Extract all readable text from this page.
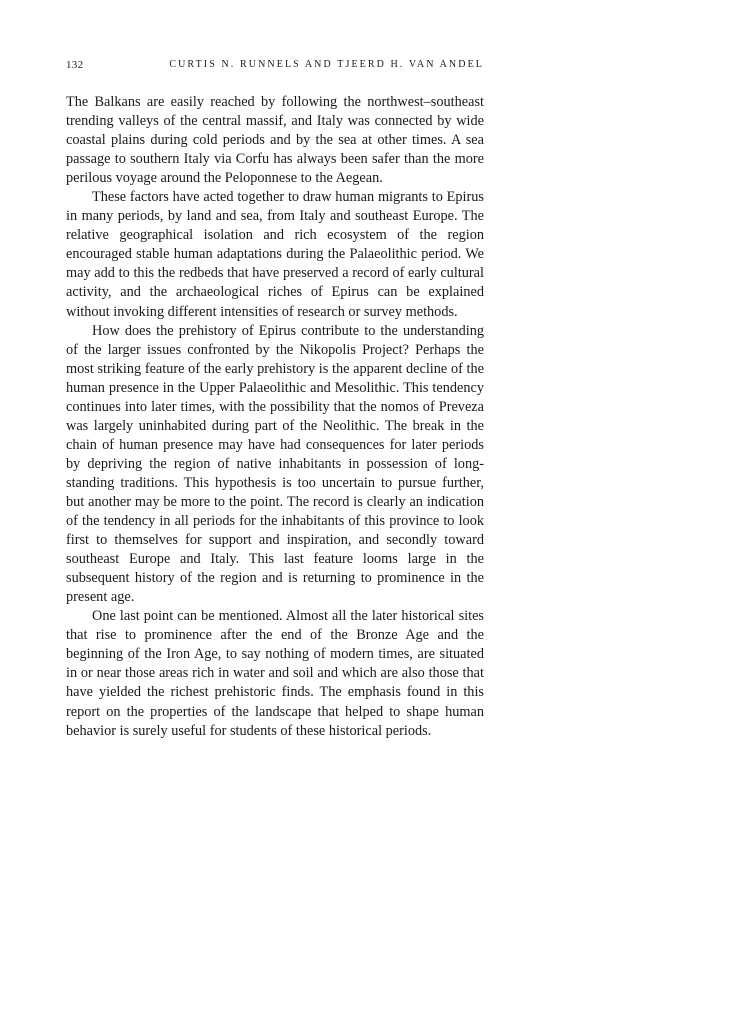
132	CURTIS N. RUNNELS AND TJEERD H. VAN ANDEL

The Balkans are easily reached by following the northwest–southeast trending valleys of the central massif, and Italy was connected by wide coastal plains during cold periods and by the sea at other times. A sea passage to southern Italy via Corfu has always been safer than the more perilous voyage around the Peloponnese to the Aegean.

These factors have acted together to draw human migrants to Epirus in many periods, by land and sea, from Italy and southeast Europe. The relative geographical isolation and rich ecosystem of the region encouraged stable human adaptations during the Palaeolithic period. We may add to this the redbeds that have preserved a record of early cultural activity, and the archaeological riches of Epirus can be explained without invoking different intensities of research or survey methods.

How does the prehistory of Epirus contribute to the understanding of the larger issues confronted by the Nikopolis Project? Perhaps the most striking feature of the early prehistory is the apparent decline of the human presence in the Upper Palaeolithic and Mesolithic. This tendency continues into later times, with the possibility that the nomos of Preveza was largely uninhabited during part of the Neolithic. The break in the chain of human presence may have had consequences for later periods by depriving the region of native inhabitants in possession of long-standing traditions. This hypothesis is too uncertain to pursue further, but another may be more to the point. The record is clearly an indication of the tendency in all periods for the inhabitants of this province to look first to themselves for support and inspiration, and secondly toward southeast Europe and Italy. This last feature looms large in the subsequent history of the region and is returning to prominence in the present age.

One last point can be mentioned. Almost all the later historical sites that rise to prominence after the end of the Bronze Age and the beginning of the Iron Age, to say nothing of modern times, are situated in or near those areas rich in water and soil and which are also those that have yielded the richest prehistoric finds. The emphasis found in this report on the properties of the landscape that helped to shape human behavior is surely useful for students of these historical periods.
